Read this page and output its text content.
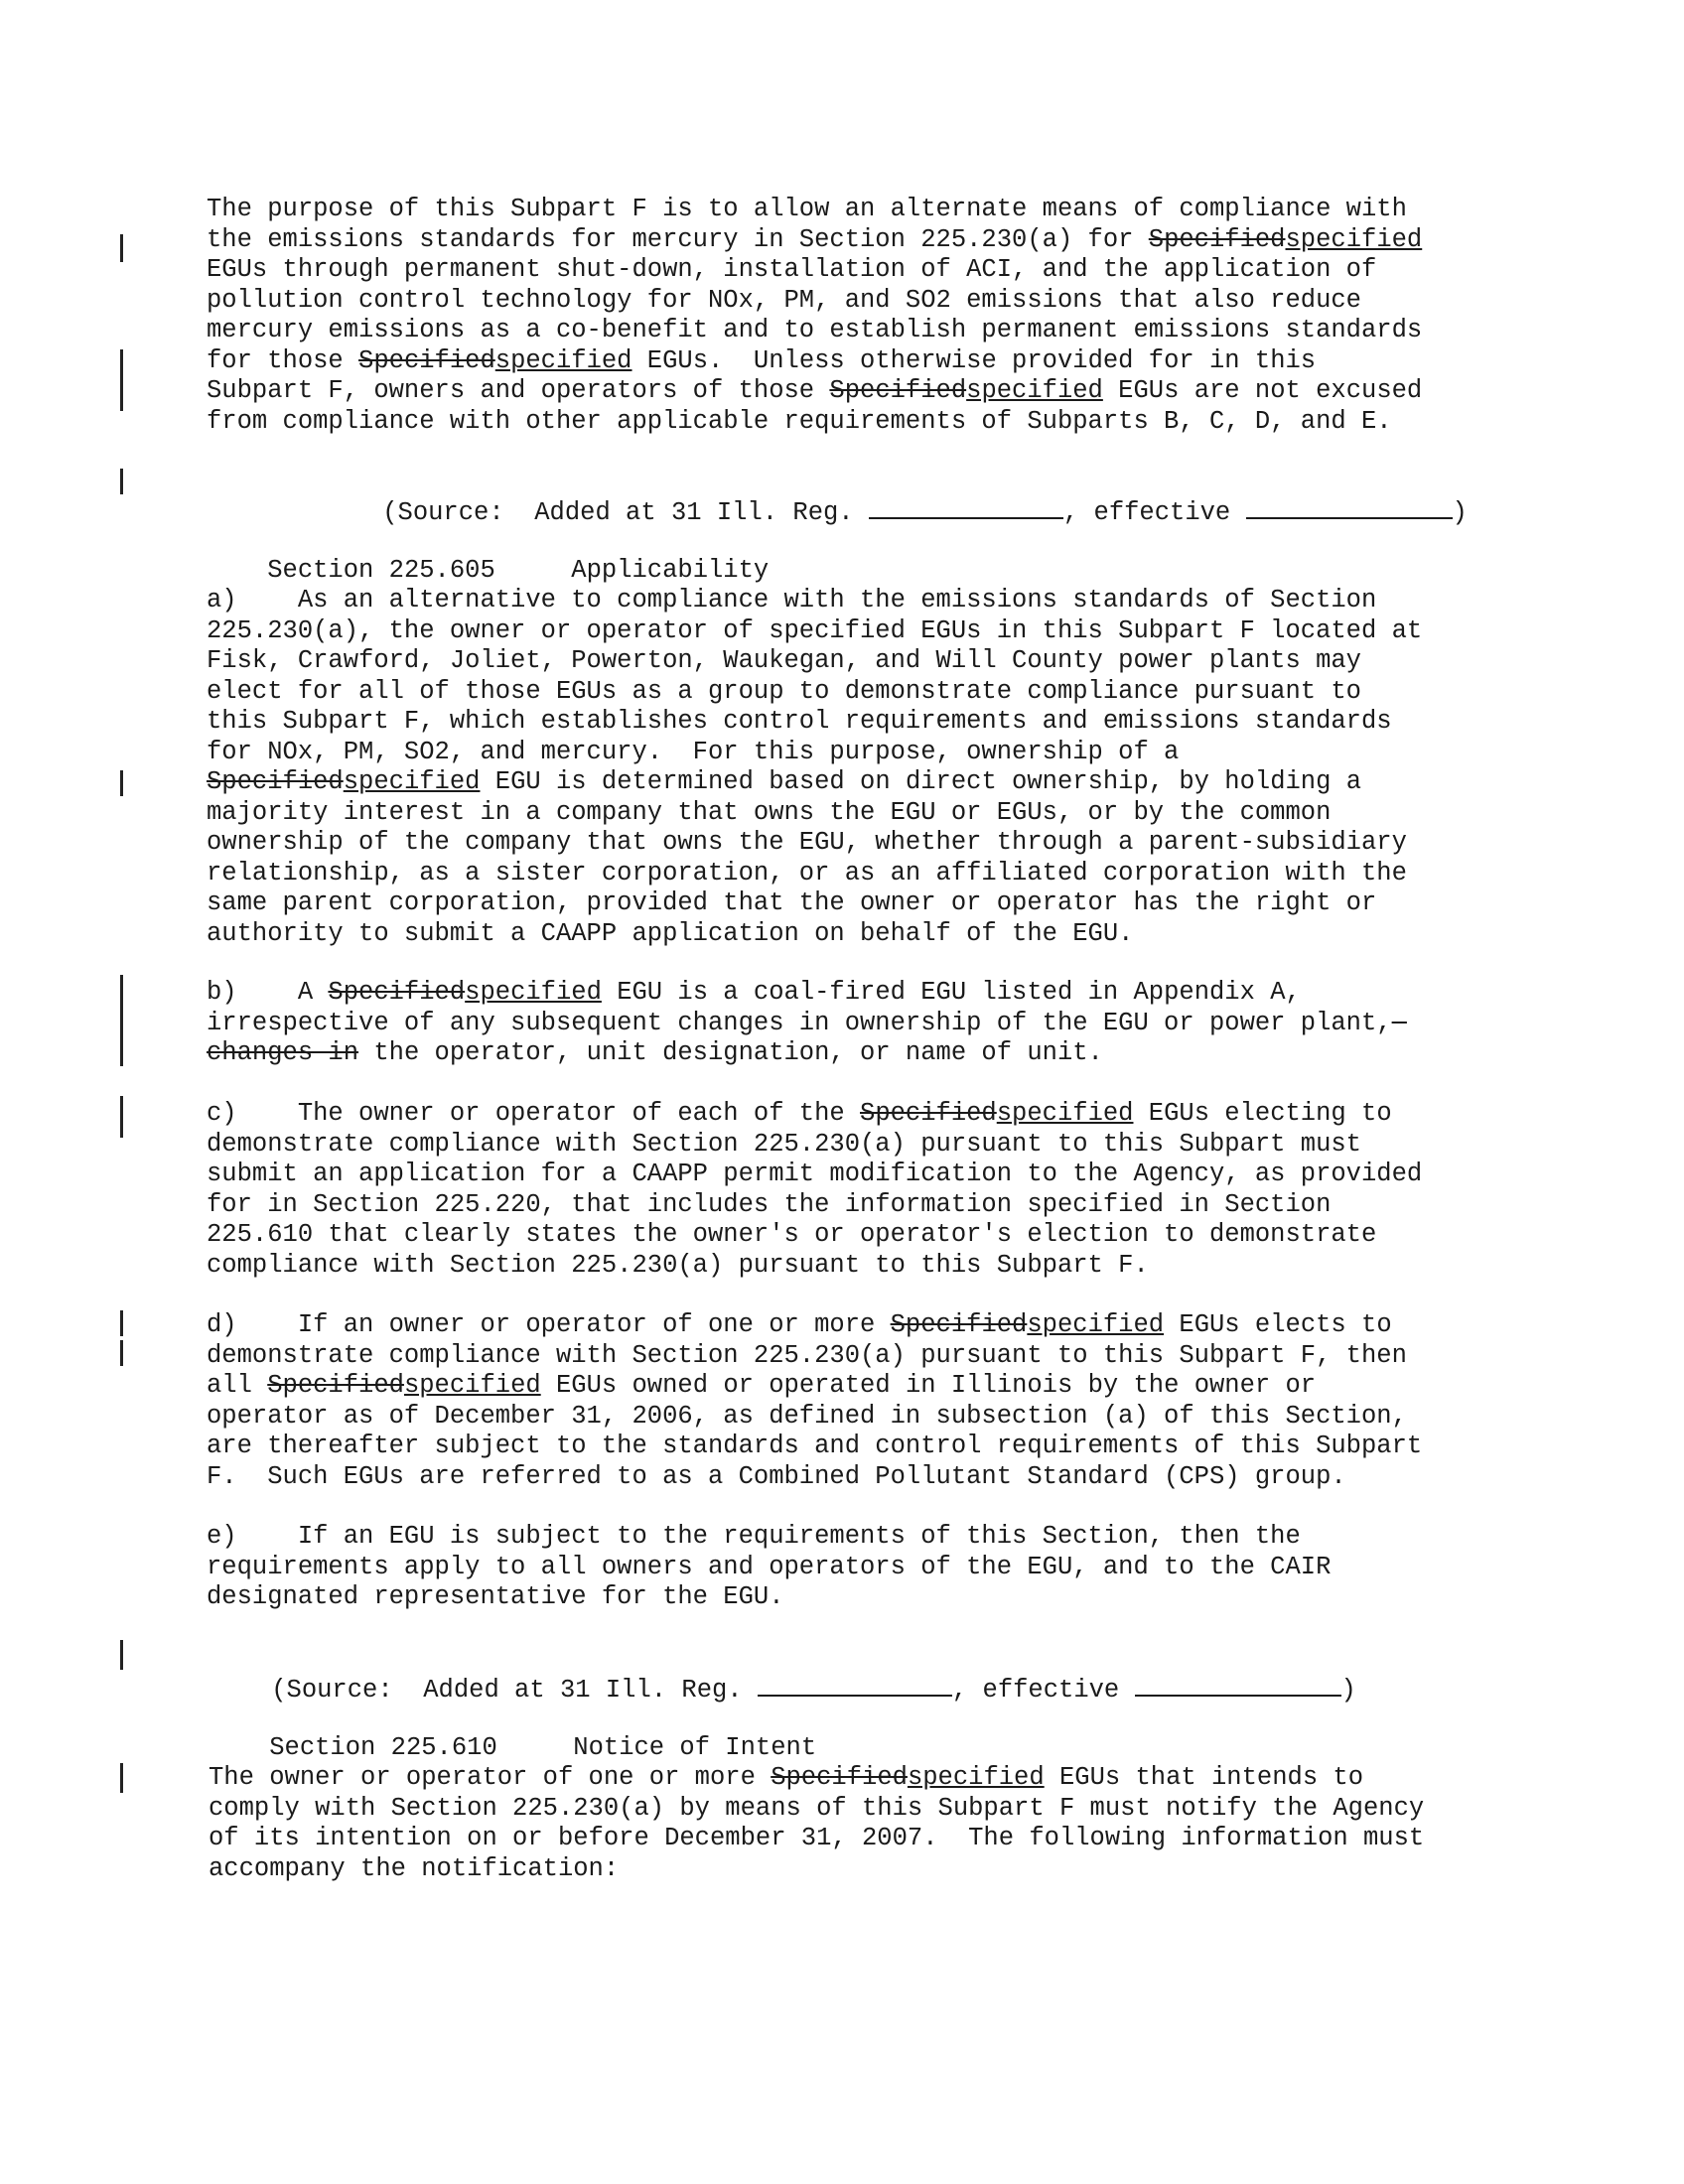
The purpose of this Subpart F is to allow an alternate means of compliance with
the emissions standards for mercury in Section 225.230(a) for Specifiedspecified
EGUs through permanent shut-down, installation of ACI, and the application of
pollution control technology for NOx, PM, and SO2 emissions that also reduce
mercury emissions as a co-benefit and to establish permanent emissions standards
for those Specifiedspecified EGUs.  Unless otherwise provided for in this
Subpart F, owners and operators of those Specifiedspecified EGUs are not excused
from compliance with other applicable requirements of Subparts B, C, D, and E.

(Source:  Added at 31 Ill. Reg.	, effective	)

Section 225.605	Applicability

a)    As an alternative to compliance with the emissions standards of Section
225.230(a), the owner or operator of specified EGUs in this Subpart F located at
Fisk, Crawford, Joliet, Powerton, Waukegan, and Will County power plants may
elect for all of those EGUs as a group to demonstrate compliance pursuant to
this Subpart F, which establishes control requirements and emissions standards
for NOx, PM, SO2, and mercury.  For this purpose, ownership of a
Specifiedspecified EGU is determined based on direct ownership, by holding a
majority interest in a company that owns the EGU or EGUs, or by the common
ownership of the company that owns the EGU, whether through a parent-subsidiary
relationship, as a sister corporation, or as an affiliated corporation with the
same parent corporation, provided that the owner or operator has the right or
authority to submit a CAAPP application on behalf of the EGU.
b)    A Specifiedspecified EGU is a coal-fired EGU listed in Appendix A,
irrespective of any subsequent changes in ownership of the EGU or power plant,
changes in the operator, unit designation, or name of unit.
c)    The owner or operator of each of the Specifiedspecified EGUs electing to
demonstrate compliance with Section 225.230(a) pursuant to this Subpart must
submit an application for a CAAPP permit modification to the Agency, as provided
for in Section 225.220, that includes the information specified in Section
225.610 that clearly states the owner's or operator's election to demonstrate
compliance with Section 225.230(a) pursuant to this Subpart F.
d)    If an owner or operator of one or more Specifiedspecified EGUs elects to
demonstrate compliance with Section 225.230(a) pursuant to this Subpart F, then
all Specifiedspecified EGUs owned or operated in Illinois by the owner or
operator as of December 31, 2006, as defined in subsection (a) of this Section,
are thereafter subject to the standards and control requirements of this Subpart
F.  Such EGUs are referred to as a Combined Pollutant Standard (CPS) group.
e)    If an EGU is subject to the requirements of this Section, then the
requirements apply to all owners and operators of the EGU, and to the CAIR
designated representative for the EGU.

(Source:  Added at 31 Ill. Reg.	, effective	)

Section 225.610	Notice of Intent

The owner or operator of one or more Specifiedspecified EGUs that intends to
comply with Section 225.230(a) by means of this Subpart F must notify the Agency
of its intention on or before December 31, 2007.  The following information must
accompany the notification:
